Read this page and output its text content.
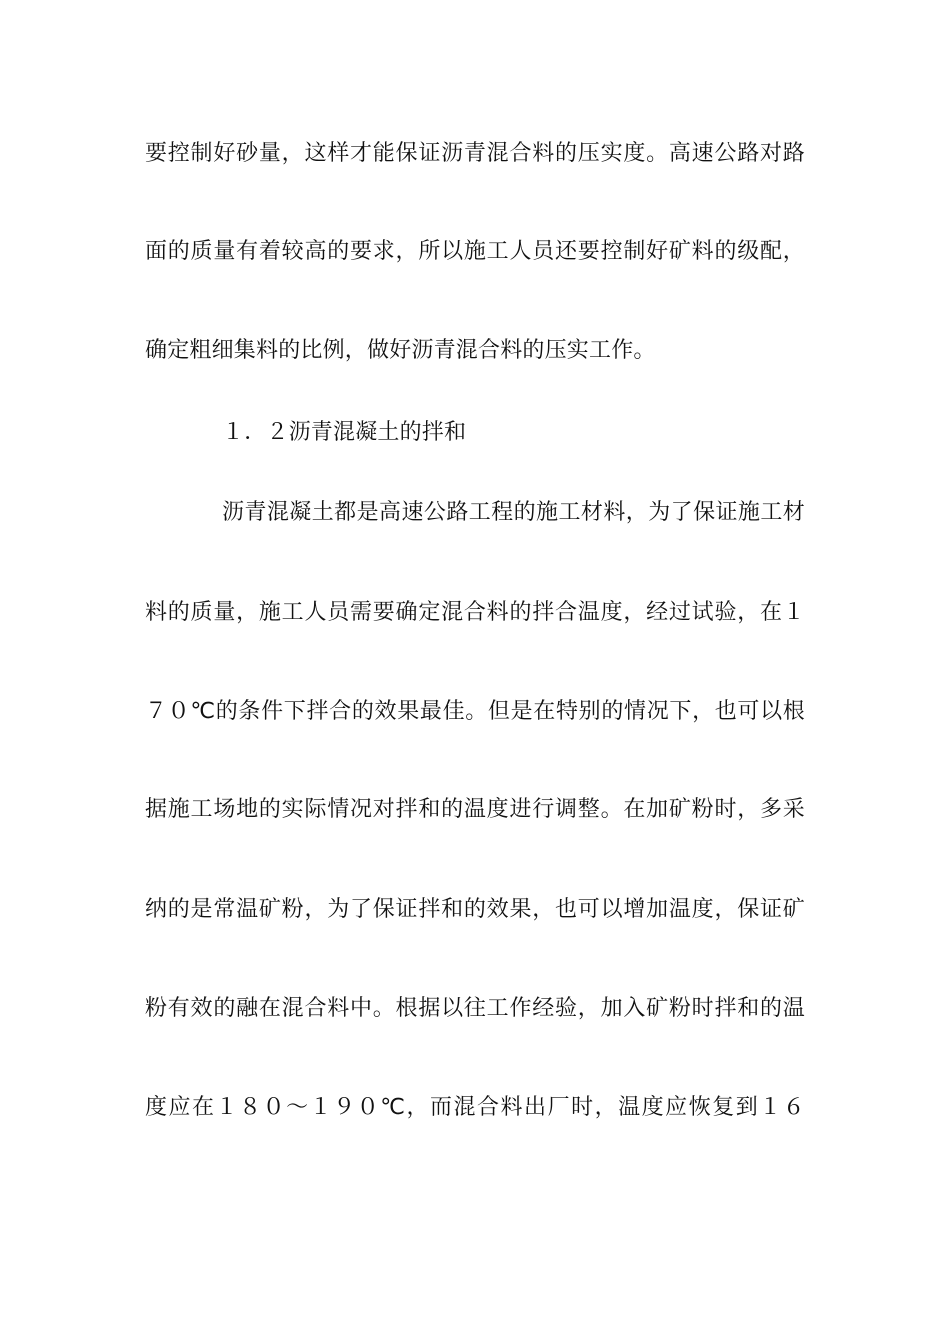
要控制好砂量，这样才能保证沥青混合料的压实度。高速公路对路
面的质量有着较高的要求，所以施工人员还要控制好矿料的级配，
确定粗细集料的比例，做好沥青混合料的压实工作。
１．２沥青混凝土的拌和
沥青混凝土都是高速公路工程的施工材料，为了保证施工材
料的质量，施工人员需要确定混合料的拌合温度，经过试验，在１
７０℃的条件下拌合的效果最佳。但是在特别的情况下，也可以根
据施工场地的实际情况对拌和的温度进行调整。在加矿粉时，多采
纳的是常温矿粉，为了保证拌和的效果，也可以增加温度，保证矿
粉有效的融在混合料中。根据以往工作经验，加入矿粉时拌和的温
度应在１８０～１９０℃，而混合料出厂时，温度应恢复到１６
